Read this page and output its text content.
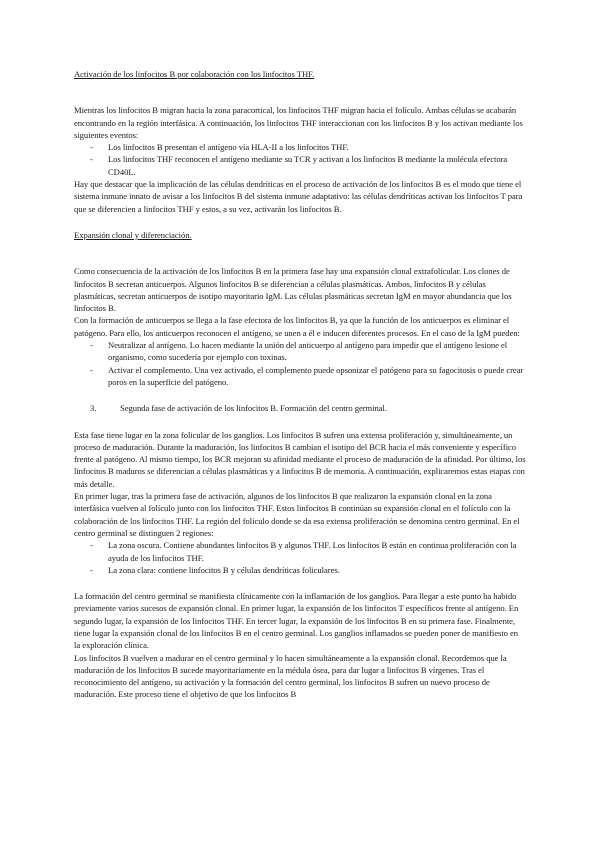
Activación de los linfocitos B por colaboración con los linfocitos THF.

Mientras los linfocitos B migran hacia la zona paracortical, los linfocitos THF migran hacia el folículo. Ambas células se acabarán encontrando en la región interfásica. A continuación, los linfocitos THF interaccionan con los linfocitos B y los activan mediante los siguientes eventos:

- Los linfocitos B presentan el antígeno vía HLA-II a los linfocitos THF.
- Los linfocitos THF reconocen el antígeno mediante su TCR y activan a los linfocitos B mediante la molécula efectora CD40L.

Hay que destacar que la implicación de las células dendríticas en el proceso de activación de los linfocitos B es el modo que tiene el sistema inmune innato de avisar a los linfocitos B del sistema inmune adaptativo: las células dendríticas activan los linfocitos T para que se diferencien a linfocitos THF y estos, a su vez, activarán los linfocitos B.

Expansión clonal y diferenciación.

Como consecuencia de la activación de los linfocitos B en la primera fase hay una expansión clonal extrafolicular. Los clones de linfocitos B secretan anticuerpos. Algunos linfocitos B se diferencian a células plasmáticas. Ambos, linfocitos B y células plasmáticas, secretan anticuerpos de isotipo mayoritario IgM. Las células plasmáticas secretan IgM en mayor abundancia que los linfocitos B.

Con la formación de anticuerpos se llega a la fase efectora de los linfocitos B, ya que la función de los anticuerpos es eliminar el patógeno. Para ello, los anticuerpos reconocen el antígeno, se unen a él e inducen diferentes procesos. En el caso de la IgM pueden:

- Neutralizar al antígeno. Lo hacen mediante la unión del anticuerpo al antígeno para impedir que el antígeno lesione el organismo, como sucedería por ejemplo con toxinas.
- Activar el complemento. Una vez activado, el complemento puede opsonizar el patógeno para su fagocitosis o puede crear poros en la superficie del patógeno.

3.	Segunda fase de activación de los linfocitos B. Formación del centro germinal.

Esta fase tiene lugar en la zona folicular de los ganglios. Los linfocitos B sufren una extensa proliferación y, simultáneamente, un proceso de maduración. Durante la maduración, los linfocitos B cambian el isotipo del BCR hacia el más conveniente y específico frente al patógeno. Al mismo tiempo, los BCR mejoran su afinidad mediante el proceso de maduración de la afinidad. Por último, los linfocitos B maduros se diferencian a células plasmáticas y a linfocitos B de memoria. A continuación, explicaremos estas etapas con más detalle.

En primer lugar, tras la primera fase de activación, algunos de los linfocitos B que realizaron la expansión clonal en la zona interfásica vuelven al folículo junto con los linfocitos THF. Estos linfocitos B continúan su expansión clonal en el folículo con la colaboración de los linfocitos THF. La región del folículo donde se da esa extensa proliferación se denomina centro germinal. En el centro germinal se distinguen 2 regiones:

- La zona oscura. Contiene abundantes linfocitos B y algunos THF. Los linfocitos B están en continua proliferación con la ayuda de los linfocitos THF.
- La zona clara: contiene linfocitos B y células dendríticas foliculares.

La formación del centro germinal se manifiesta clínicamente con la inflamación de los ganglios. Para llegar a este punto ha habido previamente varios sucesos de expansión clonal. En primer lugar, la expansión de los linfocitos T específicos frente al antígeno. En segundo lugar, la expansión de los linfocitos THF. En tercer lugar, la expansión de los linfocitos B en su primera fase. Finalmente, tiene lugar la expansión clonal de los linfocitos B en el centro germinal. Los ganglios inflamados se pueden poner de manifiesto en la exploración clínica.

Los linfocitos B vuelven a madurar en el centro germinal y lo hacen simultáneamente a la expansión clonal. Recordemos que la maduración de los linfocitos B sucede mayoritariamente en la médula ósea, para dar lugar a linfocitos B vírgenes. Tras el reconocimiento del antígeno, su activación y la formación del centro germinal, los linfocitos B sufren un nuevo proceso de maduración. Este proceso tiene el objetivo de que los linfocitos B
